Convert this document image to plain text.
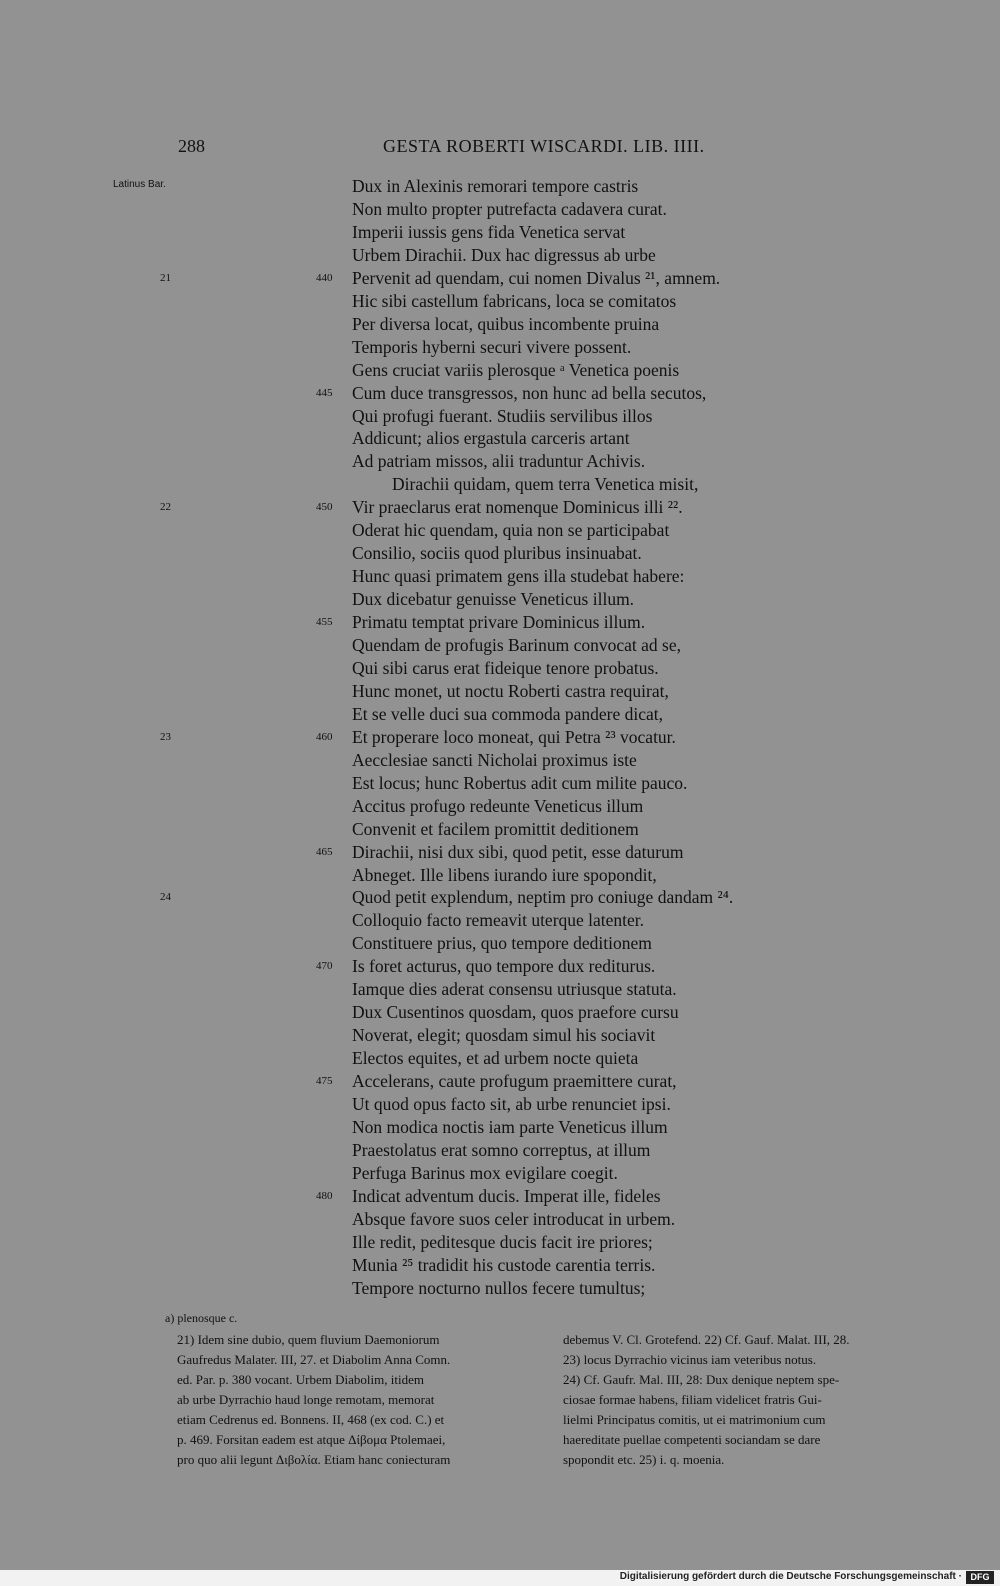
288	GESTA ROBERTI WISCARDI. LIB. IIII.
Latinus Bar.	Dux in Alexinis remorari tempore castris
Non multo propter putrefacta cadavera curat.
Imperii iussis gens fida Venetica servat
Urbem Dirachii. Dux hac digressus ab urbe
Pervenit ad quendam, cui nomen Divalus ²¹, amnem.
440
21
Hic sibi castellum fabricans, loca se comitatos
Per diversa locat, quibus incombente pruina
Temporis hyberni securi vivere possent.
Gens cruciat variis plerosque ᵃ Venetica poenis
Cum duce transgressos, non hunc ad bella secutos,
445
Qui profugi fuerant. Studiis servilibus illos
Addicunt; alios ergastula carceris artant
Ad patriam missos, alii traduntur Achivis.
Dirachii quidam, quem terra Venetica misit,
Vir praeclarus erat nomenque Dominicus illi ²².
450
22
Oderat hic quendam, quia non se participabat
Consilio, sociis quod pluribus insinuabat.
Hunc quasi primatem gens illa studebat habere:
Dux dicebatur genuisse Veneticus illum.
Primatu temptat privare Dominicus illum.
455
Quendam de profugis Barinum convocat ad se,
Qui sibi carus erat fideique tenore probatus.
Hunc monet, ut noctu Roberti castra requirat,
Et se velle duci sua commoda pandere dicat,
Et properare loco moneat, qui Petra ²³ vocatur.
460
23
Aecclesiae sancti Nicholai proximus iste
Est locus; hunc Robertus adit cum milite pauco.
Accitus profugo redeunte Veneticus illum
Convenit et facilem promittit deditionem
Dirachii, nisi dux sibi, quod petit, esse daturum
465
Abneget. Ille libens iurando iure spopondit,
Quod petit explendum, neptim pro coniuge dandam ²⁴.
24
Colloquio facto remeavit uterque latenter.
Constituere prius, quo tempore deditionem
Is foret acturus, quo tempore dux rediturus.
470
Iamque dies aderat consensu utriusque statuta.
Dux Cusentinos quosdam, quos praefore cursu
Noverat, elegit; quosdam simul his sociavit
Electos equites, et ad urbem nocte quieta
Accelerans, caute profugum praemittere curat,
475
Ut quod opus facto sit, ab urbe renunciet ipsi.
Non modica noctis iam parte Veneticus illum
Praestolatus erat somno correptus, at illum
Perfuga Barinus mox evigilare coegit.
Indicat adventum ducis. Imperat ille, fideles
480
Absque favore suos celer introducat in urbem.
Ille redit, peditesque ducis facit ire priores;
Munia ²⁵ tradidit his custode carentia terris.
Tempore nocturno nullos fecere tumultus;
a) plenosque c.
21) Idem sine dubio, quem fluvium Daemoniorum
Gaufredus Malater. III, 27. et Diabolim Anna Comn.
ed. Par. p. 380 vocant. Urbem Diabolim, itidem
ab urbe Dyrrachio haud longe remotam, memorat
etiam Cedrenus ed. Bonnens. II, 468 (ex cod. C.) et
p. 469. Forsitan eadem est atque Δίβομα Ptolemaei,
pro quo alii legunt Διβολία. Etiam hanc coniecturam
debemus V. Cl. Grotefend. 22) Cf. Gauf. Malat. III, 28.
23) locus Dyrrachio vicinus iam veteribus notus.
24) Cf. Gaufr. Mal. III, 28: Dux denique neptem spe-
ciosae formae habens, filiam videlicet fratris Gui-
lielmi Principatus comitis, ut ei matrimonium cum
haereditate puellae competenti sociandam se dare
spopondit etc. 25) i. q. moenia.
Digitalisierung gefördert durch die Deutsche Forschungsgemeinschaft · DFG
